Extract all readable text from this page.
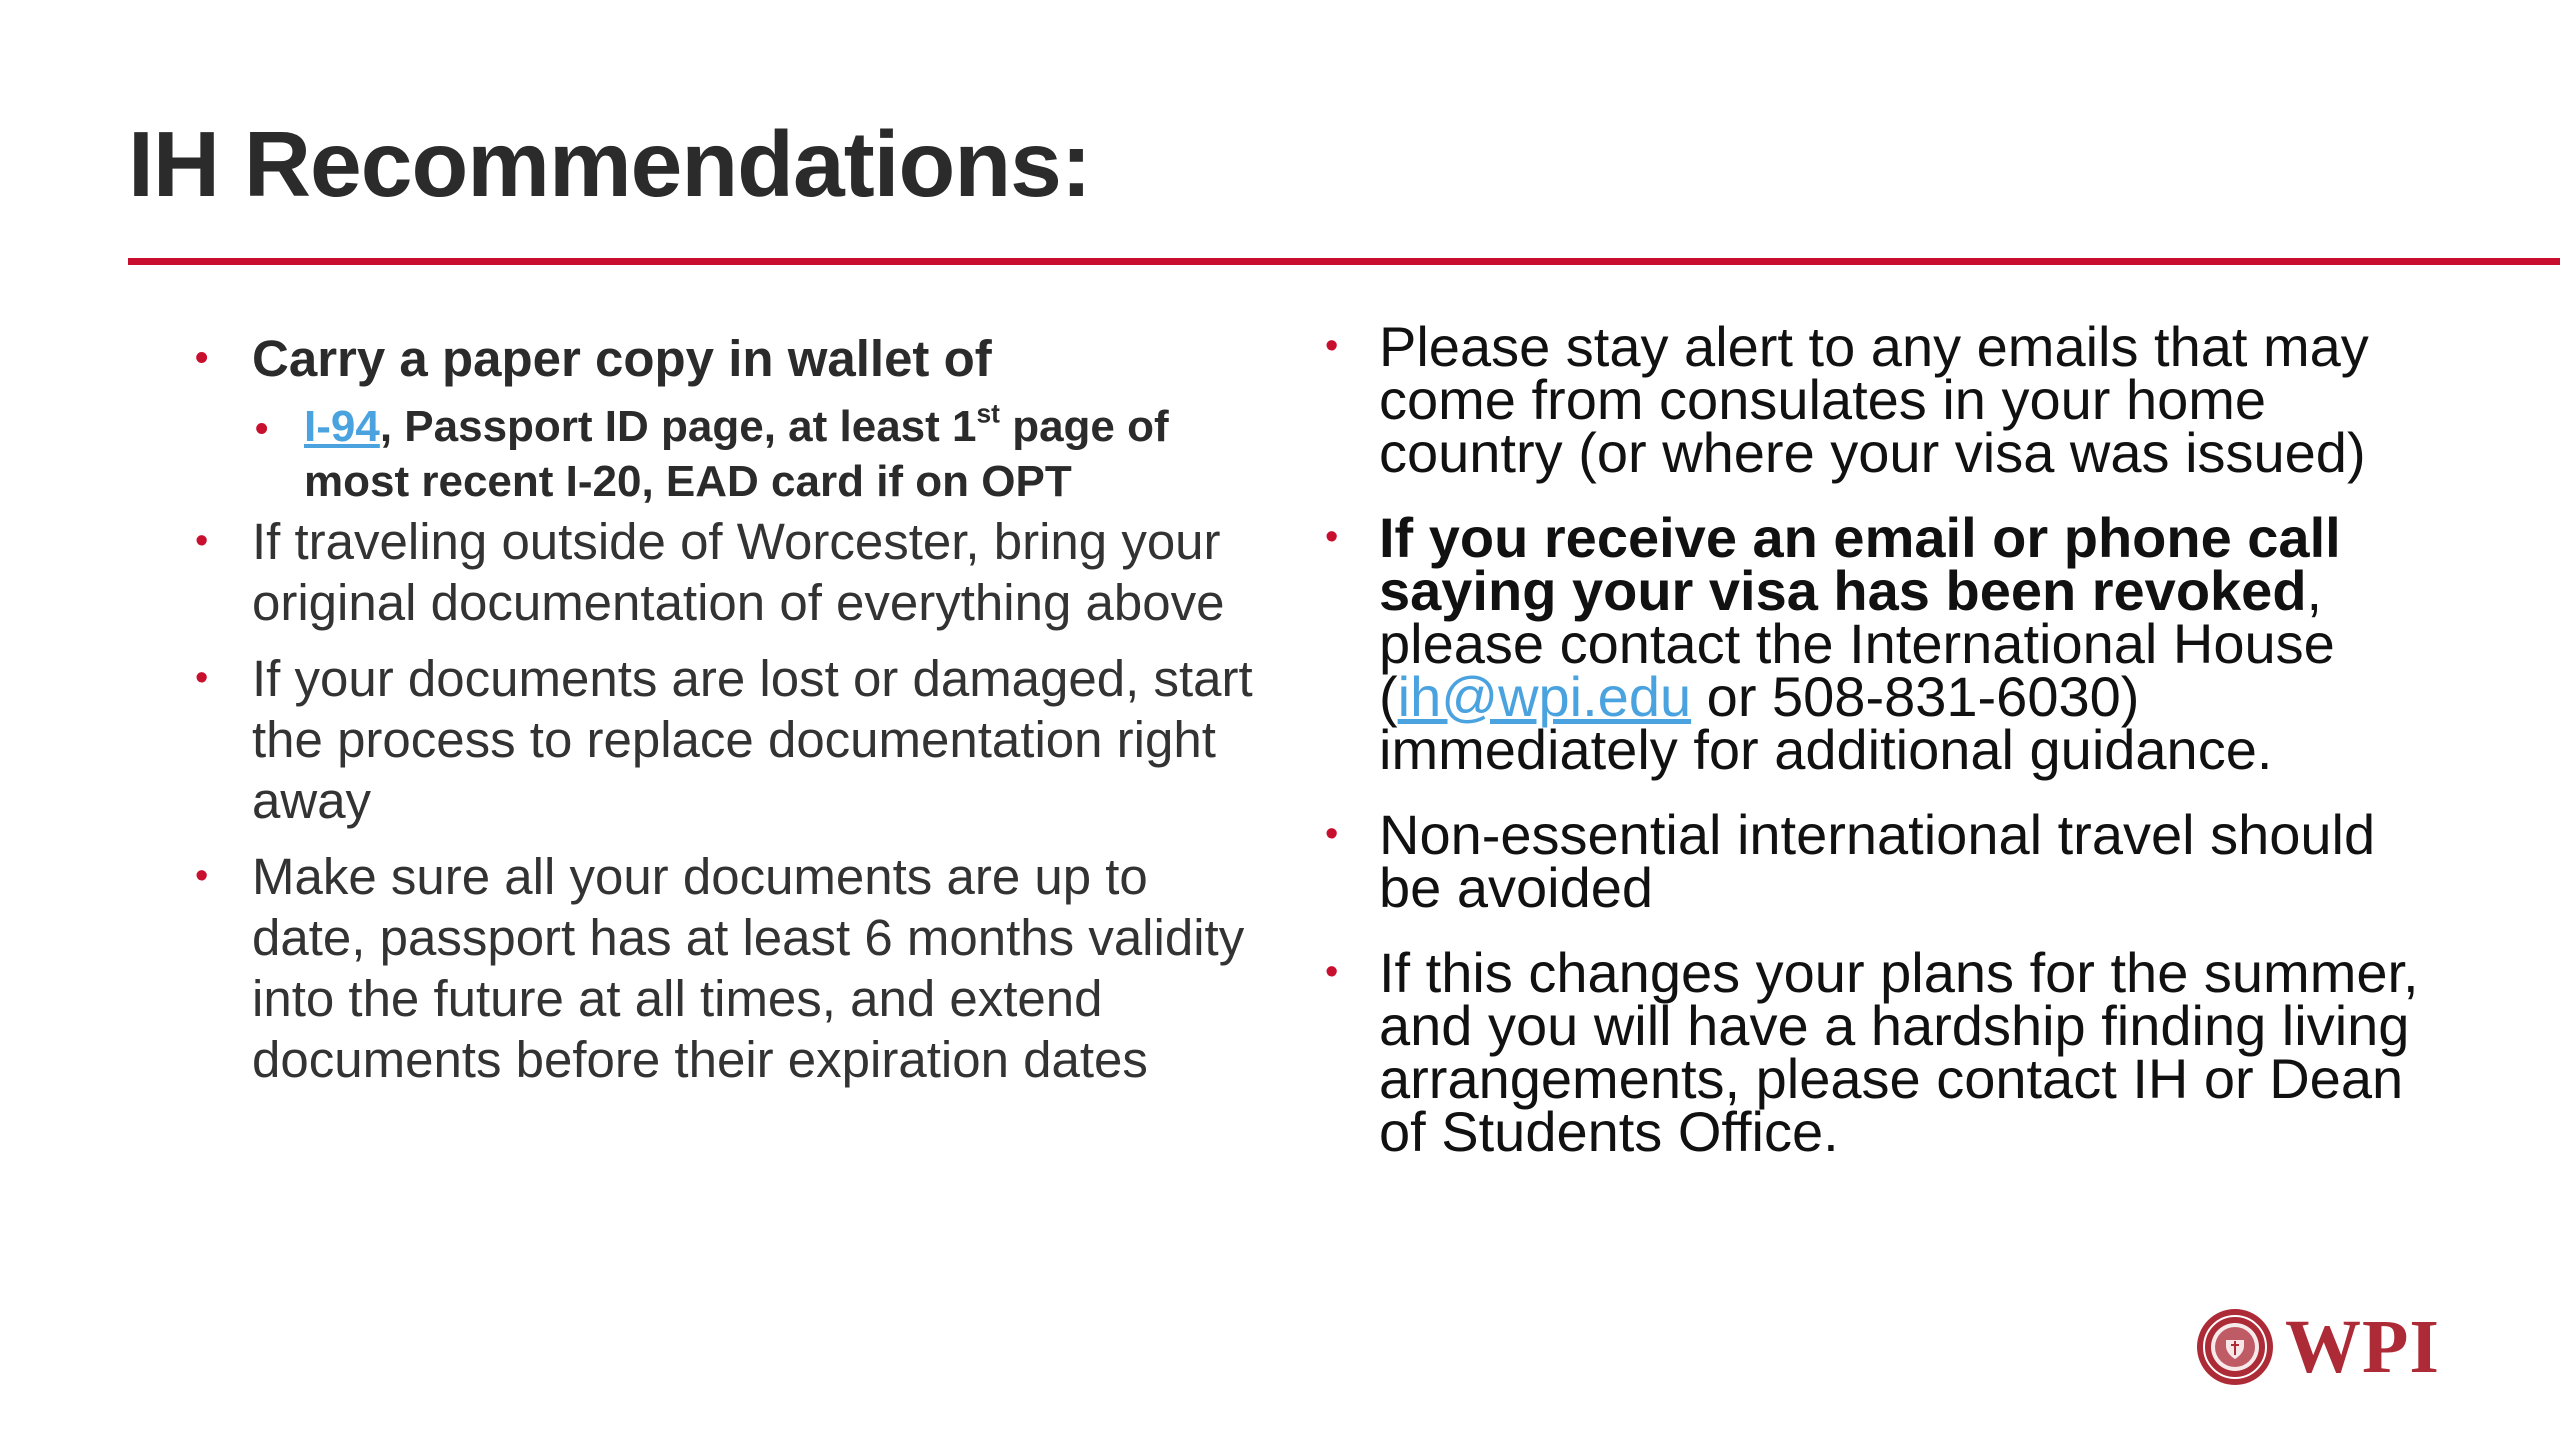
IH Recommendations:
• Carry a paper copy in wallet of
• I-94, Passport ID page, at least 1st page of most recent I-20, EAD card if on OPT
• If traveling outside of Worcester, bring your original documentation of everything above
• If your documents are lost or damaged, start the process to replace documentation right away
• Make sure all your documents are up to date, passport has at least 6 months validity into the future at all times, and extend documents before their expiration dates
• Please stay alert to any emails that may come from consulates in your home country (or where your visa was issued)
• If you receive an email or phone call saying your visa has been revoked, please contact the International House (ih@wpi.edu or 508-831-6030) immediately for additional guidance.
• Non-essential international travel should be avoided
• If this changes your plans for the summer, and you will have a hardship finding living arrangements, please contact IH or Dean of Students Office.
WPI
